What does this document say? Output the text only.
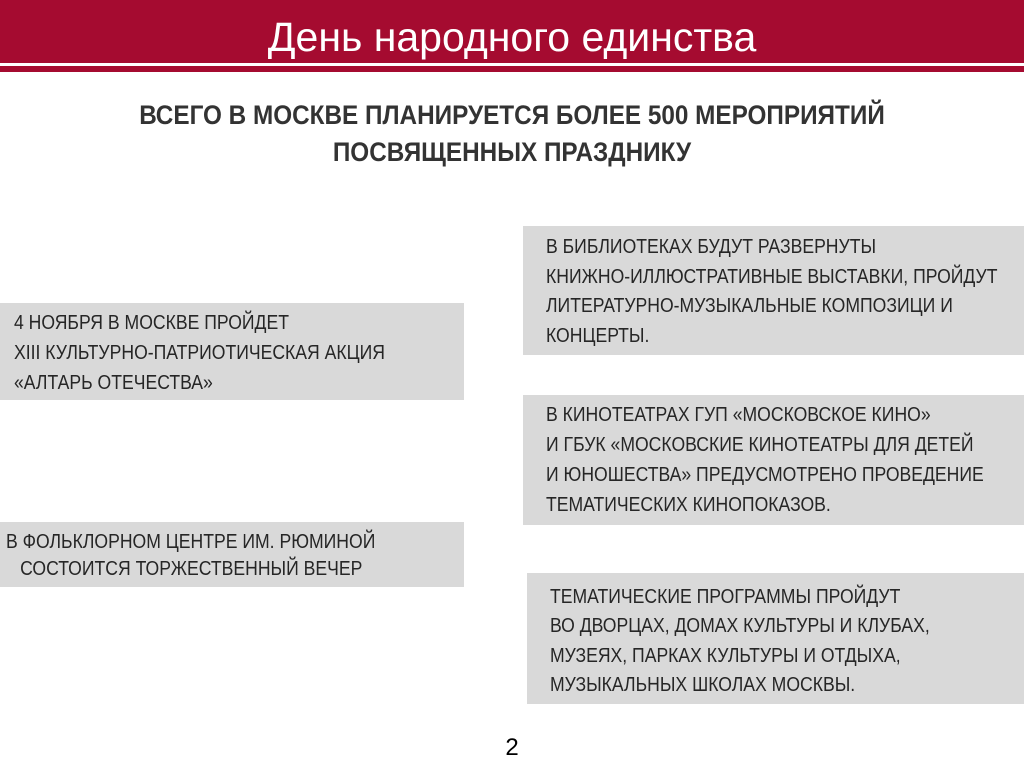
День народного единства
ВСЕГО В МОСКВЕ ПЛАНИРУЕТСЯ БОЛЕЕ 500 МЕРОПРИЯТИЙ
ПОСВЯЩЕННЫХ ПРАЗДНИКУ
4 НОЯБРЯ В МОСКВЕ ПРОЙДЕТ
XIII КУЛЬТУРНО-ПАТРИОТИЧЕСКАЯ АКЦИЯ
«АЛТАРЬ ОТЕЧЕСТВА»
В БИБЛИОТЕКАХ БУДУТ РАЗВЕРНУТЫ
КНИЖНО-ИЛЛЮСТРАТИВНЫЕ ВЫСТАВКИ, ПРОЙДУТ
ЛИТЕРАТУРНО-МУЗЫКАЛЬНЫЕ КОМПОЗИЦИ И
КОНЦЕРТЫ.
В КИНОТЕАТРАХ ГУП «МОСКОВСКОЕ КИНО»
И ГБУК «МОСКОВСКИЕ КИНОТЕАТРЫ ДЛЯ ДЕТЕЙ
И ЮНОШЕСТВА» ПРЕДУСМОТРЕНО ПРОВЕДЕНИЕ
ТЕМАТИЧЕСКИХ КИНОПОКАЗОВ.
В ФОЛЬКЛОРНОМ ЦЕНТРЕ ИМ. РЮМИНОЙ
СОСТОИТСЯ ТОРЖЕСТВЕННЫЙ ВЕЧЕР
ТЕМАТИЧЕСКИЕ ПРОГРАММЫ ПРОЙДУТ
ВО ДВОРЦАХ, ДОМАХ КУЛЬТУРЫ И КЛУБАХ,
МУЗЕЯХ, ПАРКАХ КУЛЬТУРЫ И ОТДЫХА,
МУЗЫКАЛЬНЫХ ШКОЛАХ МОСКВЫ.
2
